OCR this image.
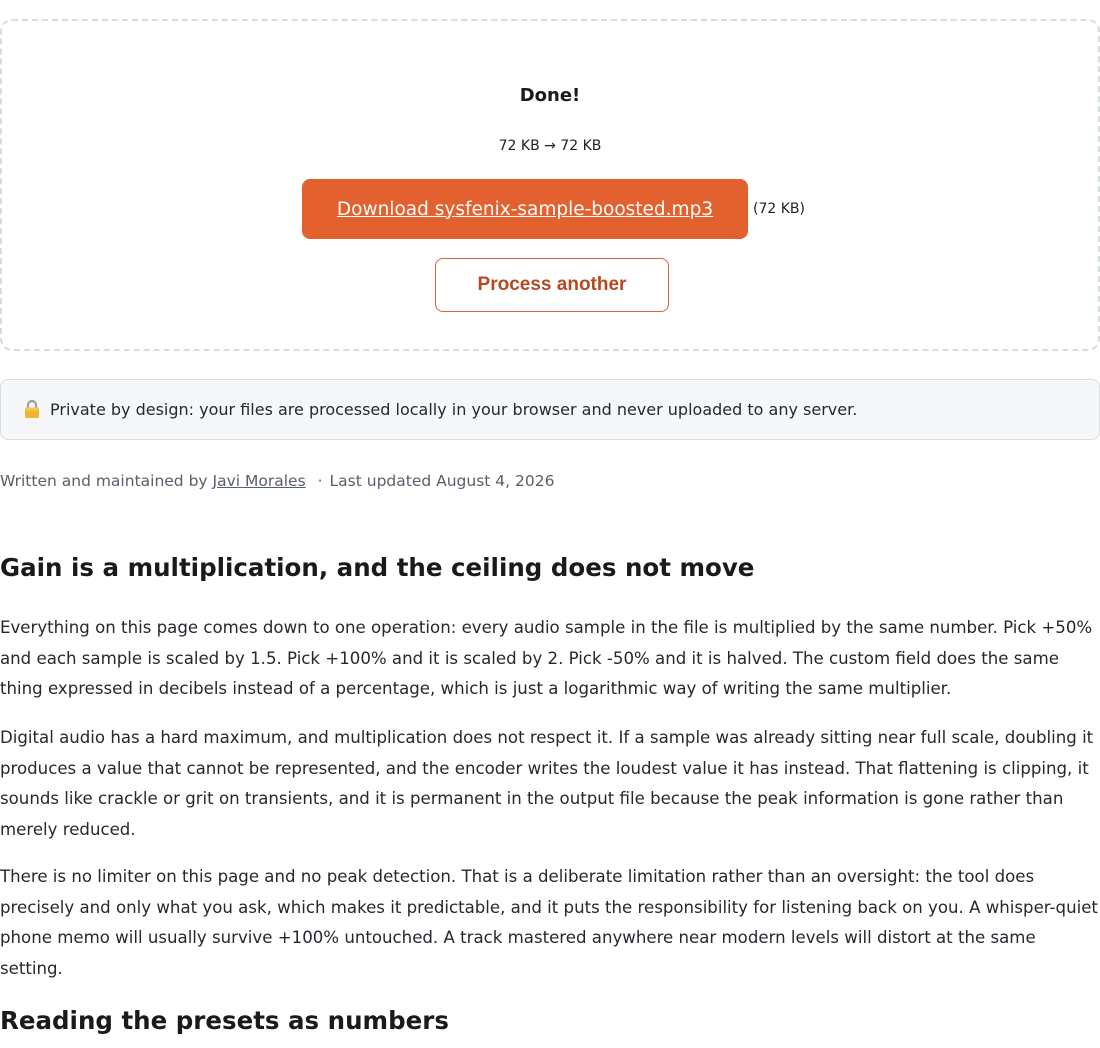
Done!
72 KB → 72 KB
Download sysfenix-sample-boosted.mp3	(72 KB)
Process another
Private by design: your files are processed locally in your browser and never uploaded to any server.
Written and maintained by Javi Morales · Last updated August 4, 2026
Gain is a multiplication, and the ceiling does not move

Everything on this page comes down to one operation: every audio sample in the file is multiplied by the same number. Pick +50% and each sample is scaled by 1.5. Pick +100% and it is scaled by 2. Pick -50% and it is halved. The custom field does the same thing expressed in decibels instead of a percentage, which is just a logarithmic way of writing the same multiplier.

Digital audio has a hard maximum, and multiplication does not respect it. If a sample was already sitting near full scale, doubling it produces a value that cannot be represented, and the encoder writes the loudest value it has instead. That flattening is clipping, it sounds like crackle or grit on transients, and it is permanent in the output file because the peak information is gone rather than merely reduced.

There is no limiter on this page and no peak detection. That is a deliberate limitation rather than an oversight: the tool does precisely and only what you ask, which makes it predictable, and it puts the responsibility for listening back on you. A whisper-quiet phone memo will usually survive +100% untouched. A track mastered anywhere near modern levels will distort at the same setting.

Reading the presets as numbers
